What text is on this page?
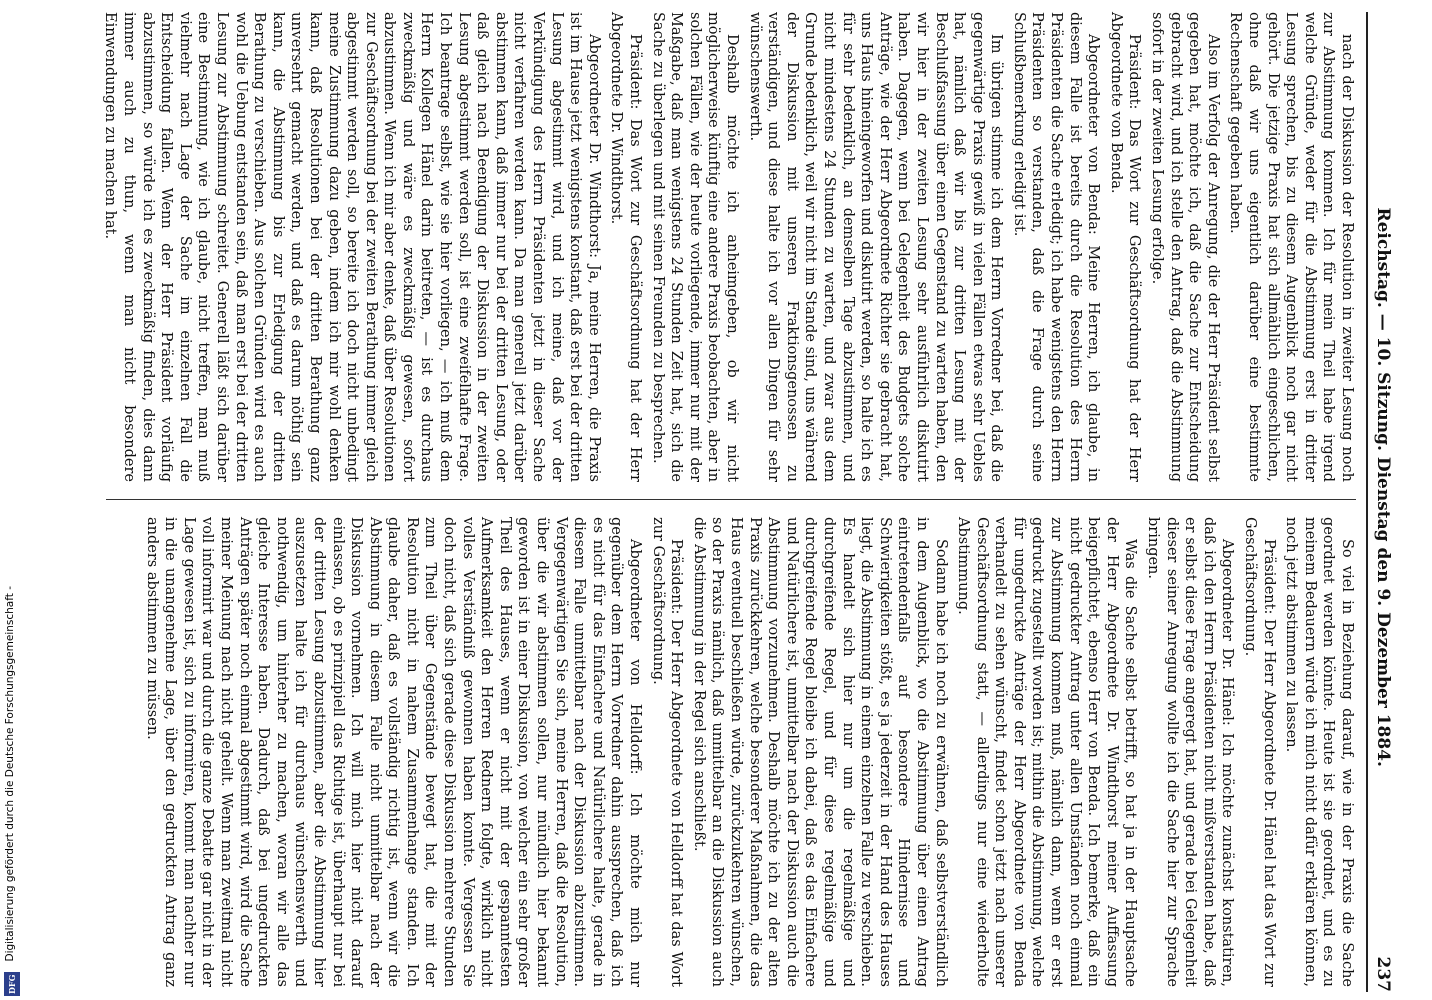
Digitalisierung gefördert durch die Deutsche Forschungsgemeinschaft -
DFG

Reichstag. — 10. Sitzung. Dienstag den 9. Dezember 1884.
237

nach der Diskussion der Resolution in zweiter Lesung noch zur Abstimmung kommen. Ich für mein Theil habe irgend welche Gründe, weder für die Abstimmung erst in dritter Lesung sprechen, bis zu diesem Augenblick noch gar nicht gehört. Die jetzige Praxis hat sich allmählich eingeschlichen, ohne daß wir uns eigentlich darüber eine bestimmte Rechenschaft gegeben haben.

Also im Verfolg der Anregung, die der Herr Präsident selbst gegeben hat, möchte ich, daß die Sache zur Entscheidung gebracht wird, und ich stelle den Antrag, daß die Abstimmung sofort in der zweiten Lesung erfolge.

Präsident: Das Wort zur Geschäftsordnung hat der Herr Abgeordnete von Benda.

Abgeordneter von Benda: Meine Herren, ich glaube, in diesem Falle ist bereits durch die Resolution des Herrn Präsidenten die Sache erledigt; ich habe wenigstens den Herrn Präsidenten so verstanden, daß die Frage durch seine Schlußbemerkung erledigt ist.

Im übrigen stimme ich dem Herrn Vorredner bei, daß die gegenwärtige Praxis gewiß in vielen Fällen etwas sehr Uebles hat, nämlich daß wir bis zur dritten Lesung mit der Beschlußfassung über einen Gegenstand zu warten haben, den wir hier in der zweiten Lesung sehr ausführlich diskutirt haben. Dagegen, wenn bei Gelegenheit des Budgets solche Anträge, wie der Herr Abgeordnete Richter sie gebracht hat, uns Haus hineingeworfen und diskutirt werden, so halte ich es für sehr bedenklich, an demselben Tage abzustimmen, und nicht mindestens 24 Stunden zu warten, und zwar aus dem Grunde bedenklich, weil wir nicht im Stande sind, uns während der Diskussion mit unseren Fraktionsgenossen zu verständigen, und diese halte ich vor allen Dingen für sehr wünschenswerth.

Deshalb möchte ich anheimgeben, ob wir nicht möglicherweise künftig eine andere Praxis beobachten, aber in solchen Fällen, wie der heute vorliegende, immer nur mit der Maßgabe, daß man wenigstens 24 Stunden Zeit hat, sich die Sache zu überlegen und mit seinen Freunden zu besprechen.

Präsident: Das Wort zur Geschäftsordnung hat der Herr Abgeordnete Dr. Windthorst.

Abgeordneter Dr. Windthorst: Ja, meine Herren, die Praxis ist im Hause jetzt wenigstens konstant, daß erst bei der dritten Lesung abgestimmt wird, und ich meine, daß vor der Verkündigung des Herrn Präsidenten jetzt in dieser Sache nicht verfahren werden kann. Da man generell jetzt darüber abstimmen kann, daß immer nur bei der dritten Lesung, oder daß gleich nach Beendigung der Diskussion in der zweiten Lesung abgestimmt werden soll, ist eine zweifelhafte Frage. Ich beantrage selbst, wie sie hier vorliegen, — ich muß dem Herrn Kollegen Hänel darin beitreten, — ist es durchaus zweckmäßig und wäre es zweckmäßig gewesen, sofort abzustimmen. Wenn ich mir aber denke, daß über Resolutionen zur Geschäftsordnung bei der zweiten Berathung immer gleich abgestimmt werden soll, so bereite ich doch nicht unbedingt meine Zustimmung dazu geben, indem ich mir wohl denken kann, daß Resolutionen bei der dritten Berathung ganz unversehrt gemacht werden, und daß es darum nöthig sein kann, die Abstimmung bis zur Erledigung der dritten Berathung zu verschieben. Aus solchen Gründen wird es auch wohl die Uebung entstanden sein, daß man erst bei der dritten Lesung zur Abstimmung schreitet. Generell läßt sich darüber eine Bestimmung, wie ich glaube, nicht treffen, man muß vielmehr nach Lage der Sache im einzelnen Fall die Entscheidung fallen. Wenn der Herr Präsident vorläufig abzustimmen, so würde ich es zweckmäßig finden, dies dann immer auch zu thun, wenn man nicht besondere Einwendungen zu machen hat.

So viel in Beziehung darauf, wie in der Praxis die Sache geordnet werden könnte. Heute ist sie geordnet, und es zu meinem Bedauern würde ich mich nicht dafür erklären können, noch jetzt abstimmen zu lassen.

Präsident: Der Herr Abgeordnete Dr. Hänel hat das Wort zur Geschäftsordnung.

Abgeordneter Dr. Hänel: Ich möchte zunächst konstatiren, daß ich den Herrn Präsidenten nicht mißverstanden habe, daß er selbst diese Frage angeregt hat, und gerade bei Gelegenheit dieser seiner Anregung wollte ich die Sache hier zur Sprache bringen.

Was die Sache selbst betrifft, so hat ja in der Hauptsache der Herr Abgeordnete Dr. Windthorst meiner Auffassung beigepflichtet, ebenso Herr von Benda. Ich bemerke, daß ein nicht gedruckter Antrag unter allen Umständen noch einmal zur Abstimmung kommen muß, nämlich dann, wenn er erst gedruckt zugestellt worden ist; mithin die Abstimmung, welche für ungedruckte Anträge der Herr Abgeordnete von Benda verhandelt zu sehen wünscht, findet schon jetzt nach unserer Geschäftsordnung statt, — allerdings nur eine wiederholte Abstimmung.

Sodann habe ich noch zu erwähnen, daß selbstverständlich in dem Augenblick, wo die Abstimmung über einen Antrag eintretendenfalls auf besondere Hindernisse und Schwierigkeiten stößt, es ja jederzeit in der Hand des Hauses liegt, die Abstimmung in einem einzelnen Falle zu verschieben. Es handelt sich hier nur um die regelmäßige und durchgreifende Regel, und für diese regelmäßige und durchgreifende Regel bleibe ich dabei, daß es das Einfachere und Natürlichere ist, unmittelbar nach der Diskussion auch die Abstimmung vorzunehmen. Deshalb möchte ich zu der alten Praxis zurückkehren, welche besonderer Maßnahmen, die das Haus eventuell beschließen würde, zurückzukehren wünschen, so der Praxis nämlich, daß unmittelbar an die Diskussion auch die Abstimmung in der Regel sich anschließt.

Präsident: Der Herr Abgeordnete von Helldorff hat das Wort zur Geschäftsordnung.

Abgeordneter von Helldorff: Ich möchte mich nur gegenüber dem Herrn Vorredner dahin aussprechen, daß ich es nicht für das Einfachere und Natürlichere halte, gerade in diesem Falle unmittelbar nach der Diskussion abzustimmen. Vergegenwärtigen Sie sich, meine Herren, daß die Resolution, über die wir abstimmen sollen, nur mündlich hier bekannt geworden ist in einer Diskussion, von welcher ein sehr großer Theil des Hauses, wenn er nicht mit der gespanntesten Aufmerksamkeit den Herren Rednern folgte, wirklich nicht volles Verständniß gewonnen haben konnte. Vergessen Sie doch nicht, daß sich gerade diese Diskussion mehrere Stunden zum Theil über Gegenstände bewegt hat, die mit der Resolution nicht in nahem Zusammenhange standen. Ich glaube daher, daß es vollständig richtig ist, wenn wir die Abstimmung in diesem Falle nicht unmittelbar nach der Diskussion vornehmen. Ich will mich hier nicht darauf einlassen, ob es prinzipiell das Richtige ist, überhaupt nur bei der dritten Lesung abzustimmen, aber die Abstimmung hier auszusetzen halte ich für durchaus wünschenswerth und nothwendig, um hinterher zu machen, woran wir alle das gleiche Interesse haben. Dadurch, daß bei ungedruckten Anträgen später noch einmal abgestimmt wird, wird die Sache meiner Meinung nach nicht geheilt. Wenn man zweitmal nicht voll informirt war und durch die ganze Debatte gar nicht in der Lage gewesen ist, sich zu informiren, kommt man nachher nur in die unangenehme Lage, über den gedruckten Antrag ganz anders abstimmen zu müssen.
